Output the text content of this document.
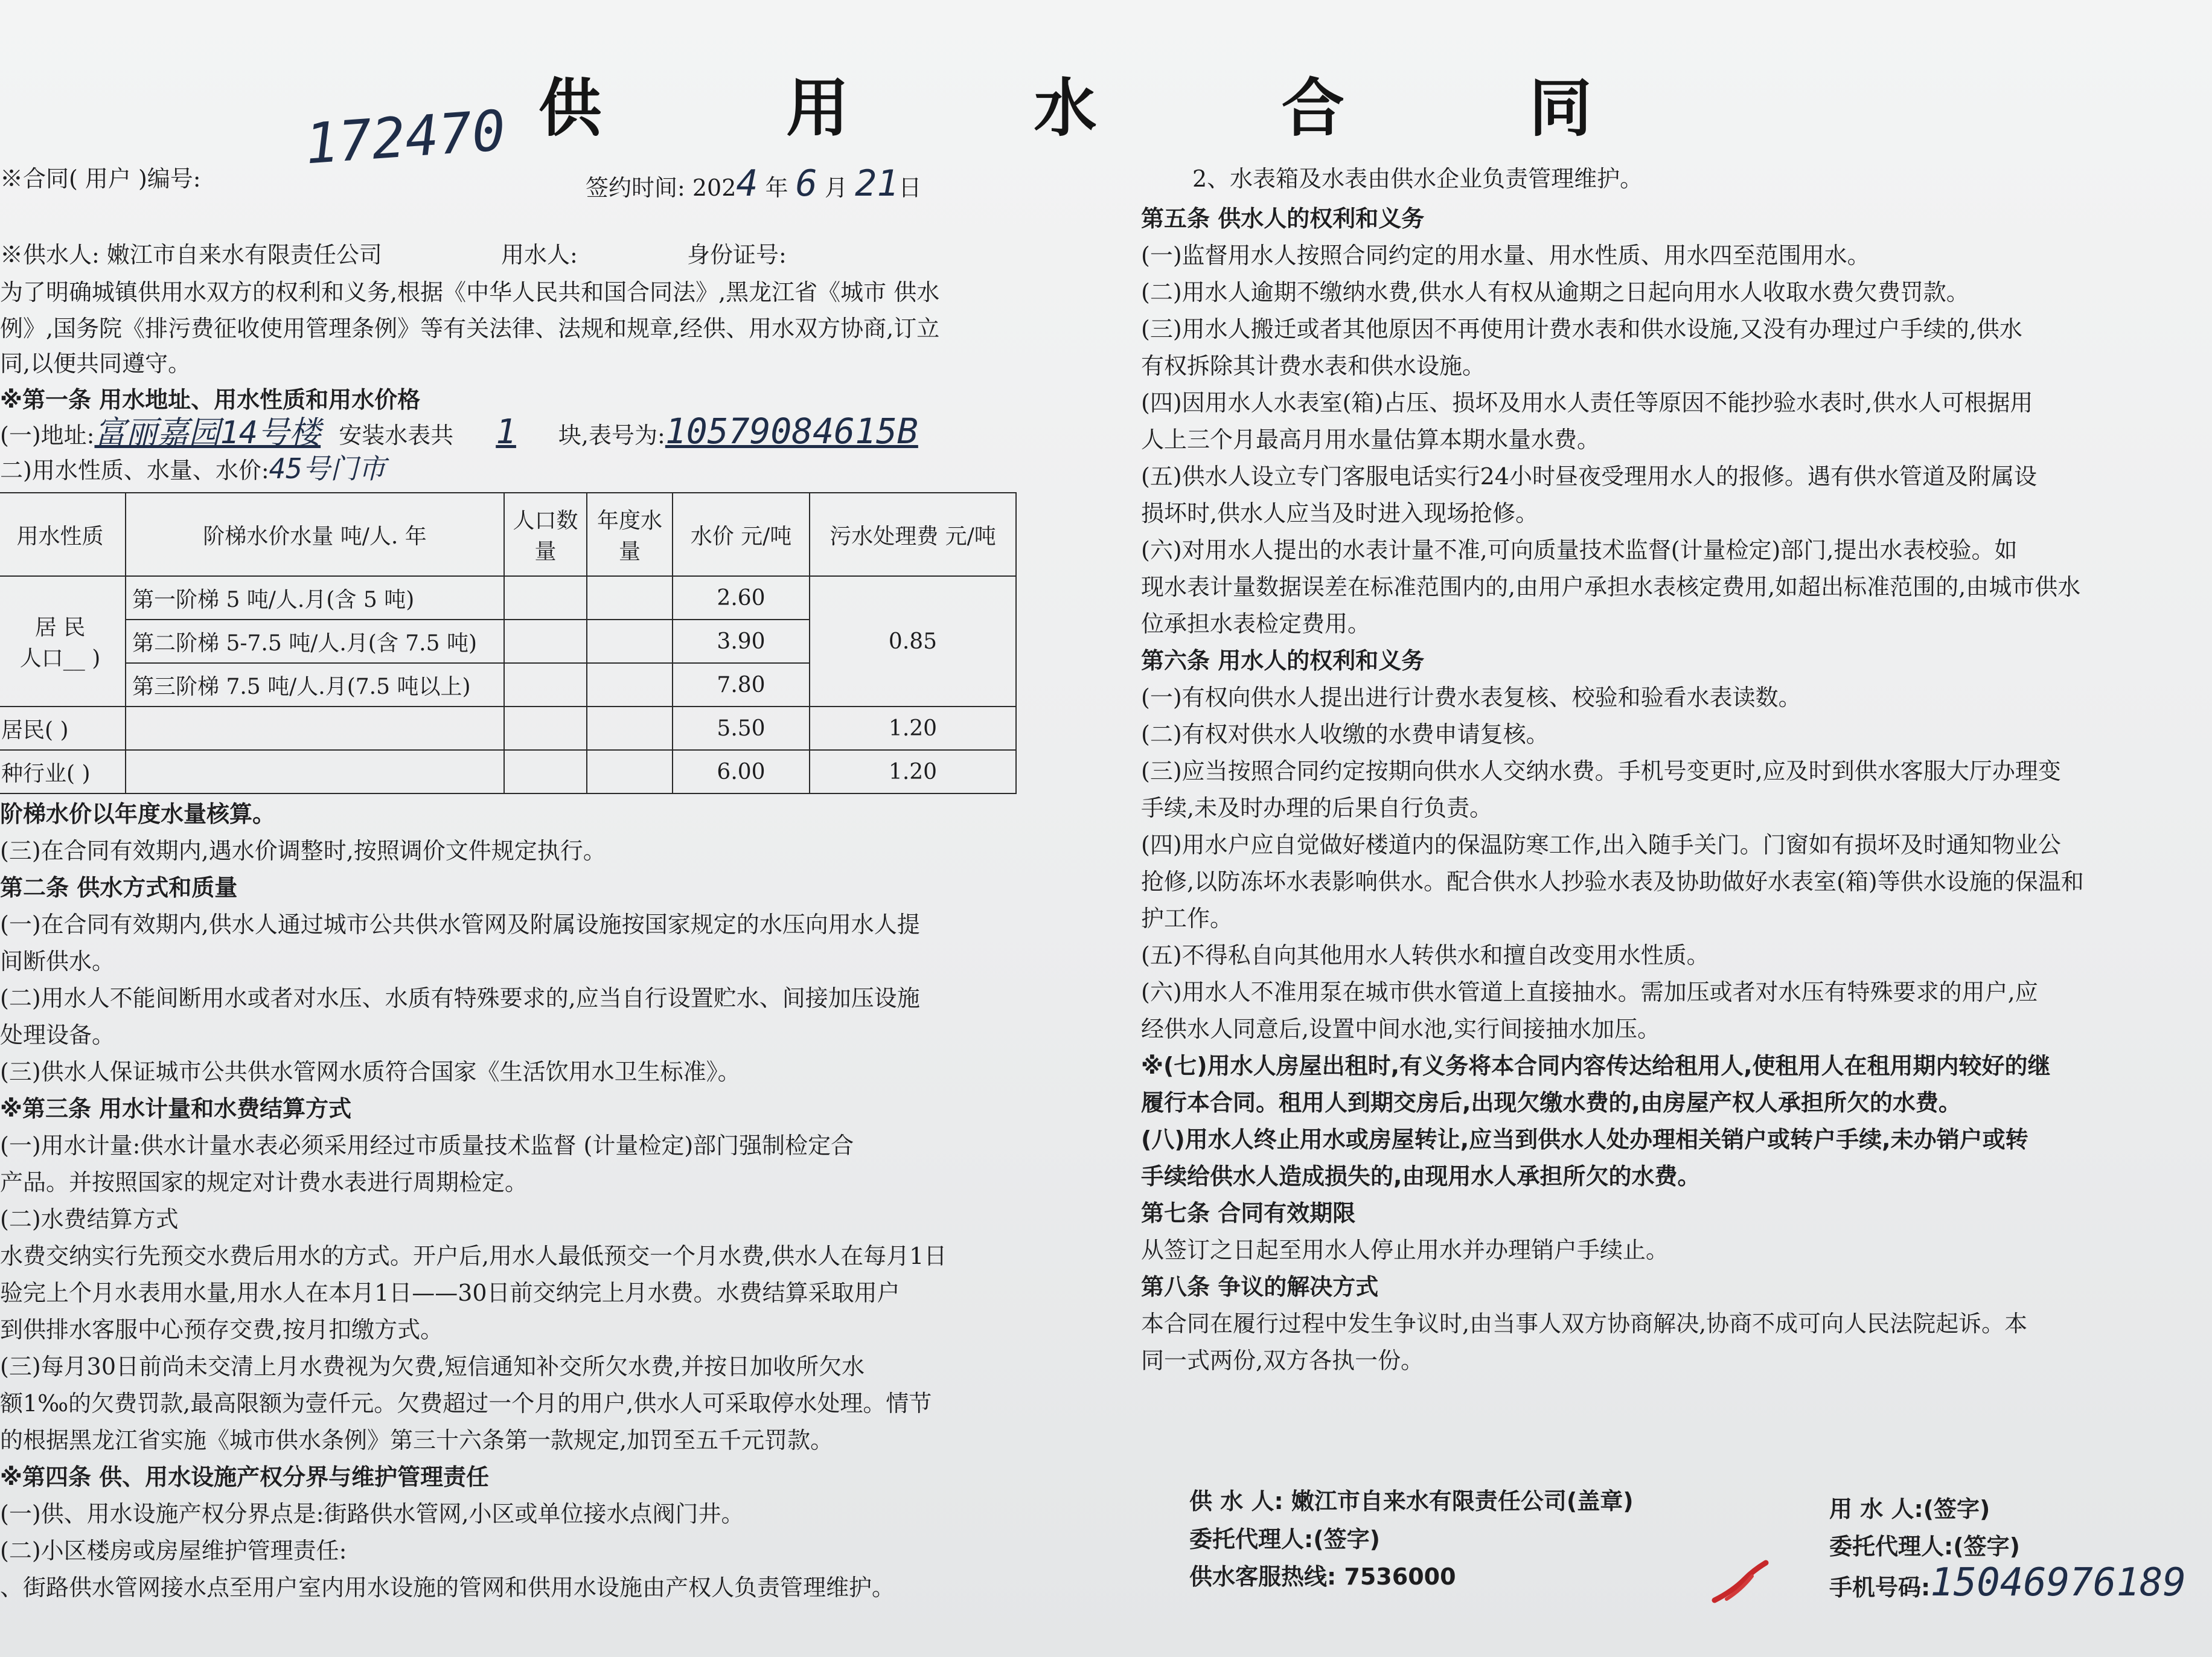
供 用 水 合 同
172470
※合同( 用户 )编号:	签约时间: 2024 年 6 月 21日
※供水人: 嫩江市自来水有限责任公司	用水人:	身份证号:
为了明确城镇供用水双方的权利和义务,根据《中华人民共和国合同法》,黑龙江省《城市 供水
例》,国务院《排污费征收使用管理条例》等有关法律、法规和规章,经供、用水双方协商,订立
同,以便共同遵守。
※第一条 用水地址、用水性质和用水价格
(一)地址:富丽嘉园14号楼 安装水表共 1 块,表号为:10579084615B
二)用水性质、水量、水价:45号门市
用水性质	阶梯水价水量 吨/人. 年	人口数量	年度水量	水价 元/吨	污水处理费 元/吨

居 民
人口__ )	第一阶梯 5 吨/人.月(含 5 吨)			2.60	0.85
	第二阶梯 5-7.5 吨/人.月(含 7.5 吨)			3.90	
	第三阶梯 7.5 吨/人.月(7.5 吨以上)			7.80	
居民( )				5.50	1.20
种行业( )				6.00	1.20
阶梯水价以年度水量核算。
(三)在合同有效期内,遇水价调整时,按照调价文件规定执行。
第二条 供水方式和质量
(一)在合同有效期内,供水人通过城市公共供水管网及附属设施按国家规定的水压向用水人提
间断供水。
(二)用水人不能间断用水或者对水压、水质有特殊要求的,应当自行设置贮水、间接加压设施
处理设备。
(三)供水人保证城市公共供水管网水质符合国家《生活饮用水卫生标准》。
※第三条 用水计量和水费结算方式
(一)用水计量:供水计量水表必须采用经过市质量技术监督 (计量检定)部门强制检定合
产品。并按照国家的规定对计费水表进行周期检定。
(二)水费结算方式
水费交纳实行先预交水费后用水的方式。开户后,用水人最低预交一个月水费,供水人在每月1日
验完上个月水表用水量,用水人在本月1日——30日前交纳完上月水费。水费结算采取用户
到供排水客服中心预存交费,按月扣缴方式。
(三)每月30日前尚未交清上月水费视为欠费,短信通知补交所欠水费,并按日加收所欠水
额1‰的欠费罚款,最高限额为壹仟元。欠费超过一个月的用户,供水人可采取停水处理。情节
的根据黑龙江省实施《城市供水条例》第三十六条第一款规定,加罚至五千元罚款。
※第四条 供、用水设施产权分界与维护管理责任
(一)供、用水设施产权分界点是:街路供水管网,小区或单位接水点阀门井。
(二)小区楼房或房屋维护管理责任:
、街路供水管网接水点至用户室内用水设施的管网和供用水设施由产权人负责管理维护。
2、水表箱及水表由供水企业负责管理维护。
第五条 供水人的权利和义务
(一)监督用水人按照合同约定的用水量、用水性质、用水四至范围用水。
(二)用水人逾期不缴纳水费,供水人有权从逾期之日起向用水人收取水费欠费罚款。
(三)用水人搬迁或者其他原因不再使用计费水表和供水设施,又没有办理过户手续的,供水
有权拆除其计费水表和供水设施。
(四)因用水人水表室(箱)占压、损坏及用水人责任等原因不能抄验水表时,供水人可根据用
人上三个月最高月用水量估算本期水量水费。
(五)供水人设立专门客服电话实行24小时昼夜受理用水人的报修。遇有供水管道及附属设
损坏时,供水人应当及时进入现场抢修。
(六)对用水人提出的水表计量不准,可向质量技术监督(计量检定)部门,提出水表校验。如
现水表计量数据误差在标准范围内的,由用户承担水表核定费用,如超出标准范围的,由城市供水
位承担水表检定费用。
第六条 用水人的权利和义务
(一)有权向供水人提出进行计费水表复核、校验和验看水表读数。
(二)有权对供水人收缴的水费申请复核。
(三)应当按照合同约定按期向供水人交纳水费。手机号变更时,应及时到供水客服大厅办理变
手续,未及时办理的后果自行负责。
(四)用水户应自觉做好楼道内的保温防寒工作,出入随手关门。门窗如有损坏及时通知物业公
抢修,以防冻坏水表影响供水。配合供水人抄验水表及协助做好水表室(箱)等供水设施的保温和
护工作。
(五)不得私自向其他用水人转供水和擅自改变用水性质。
(六)用水人不准用泵在城市供水管道上直接抽水。需加压或者对水压有特殊要求的用户,应
经供水人同意后,设置中间水池,实行间接抽水加压。
※(七)用水人房屋出租时,有义务将本合同内容传达给租用人,使租用人在租用期内较好的继
履行本合同。租用人到期交房后,出现欠缴水费的,由房屋产权人承担所欠的水费。
(八)用水人终止用水或房屋转让,应当到供水人处办理相关销户或转户手续,未办销户或转
手续给供水人造成损失的,由现用水人承担所欠的水费。
第七条 合同有效期限
从签订之日起至用水人停止用水并办理销户手续止。
第八条 争议的解决方式
本合同在履行过程中发生争议时,由当事人双方协商解决,协商不成可向人民法院起诉。本
同一式两份,双方各执一份。
供 水 人: 嫩江市自来水有限责任公司(盖章)
委托代理人:(签字)
供水客服热线: 7536000
用 水 人:(签字)
委托代理人:(签字)
手机号码:15046976189
